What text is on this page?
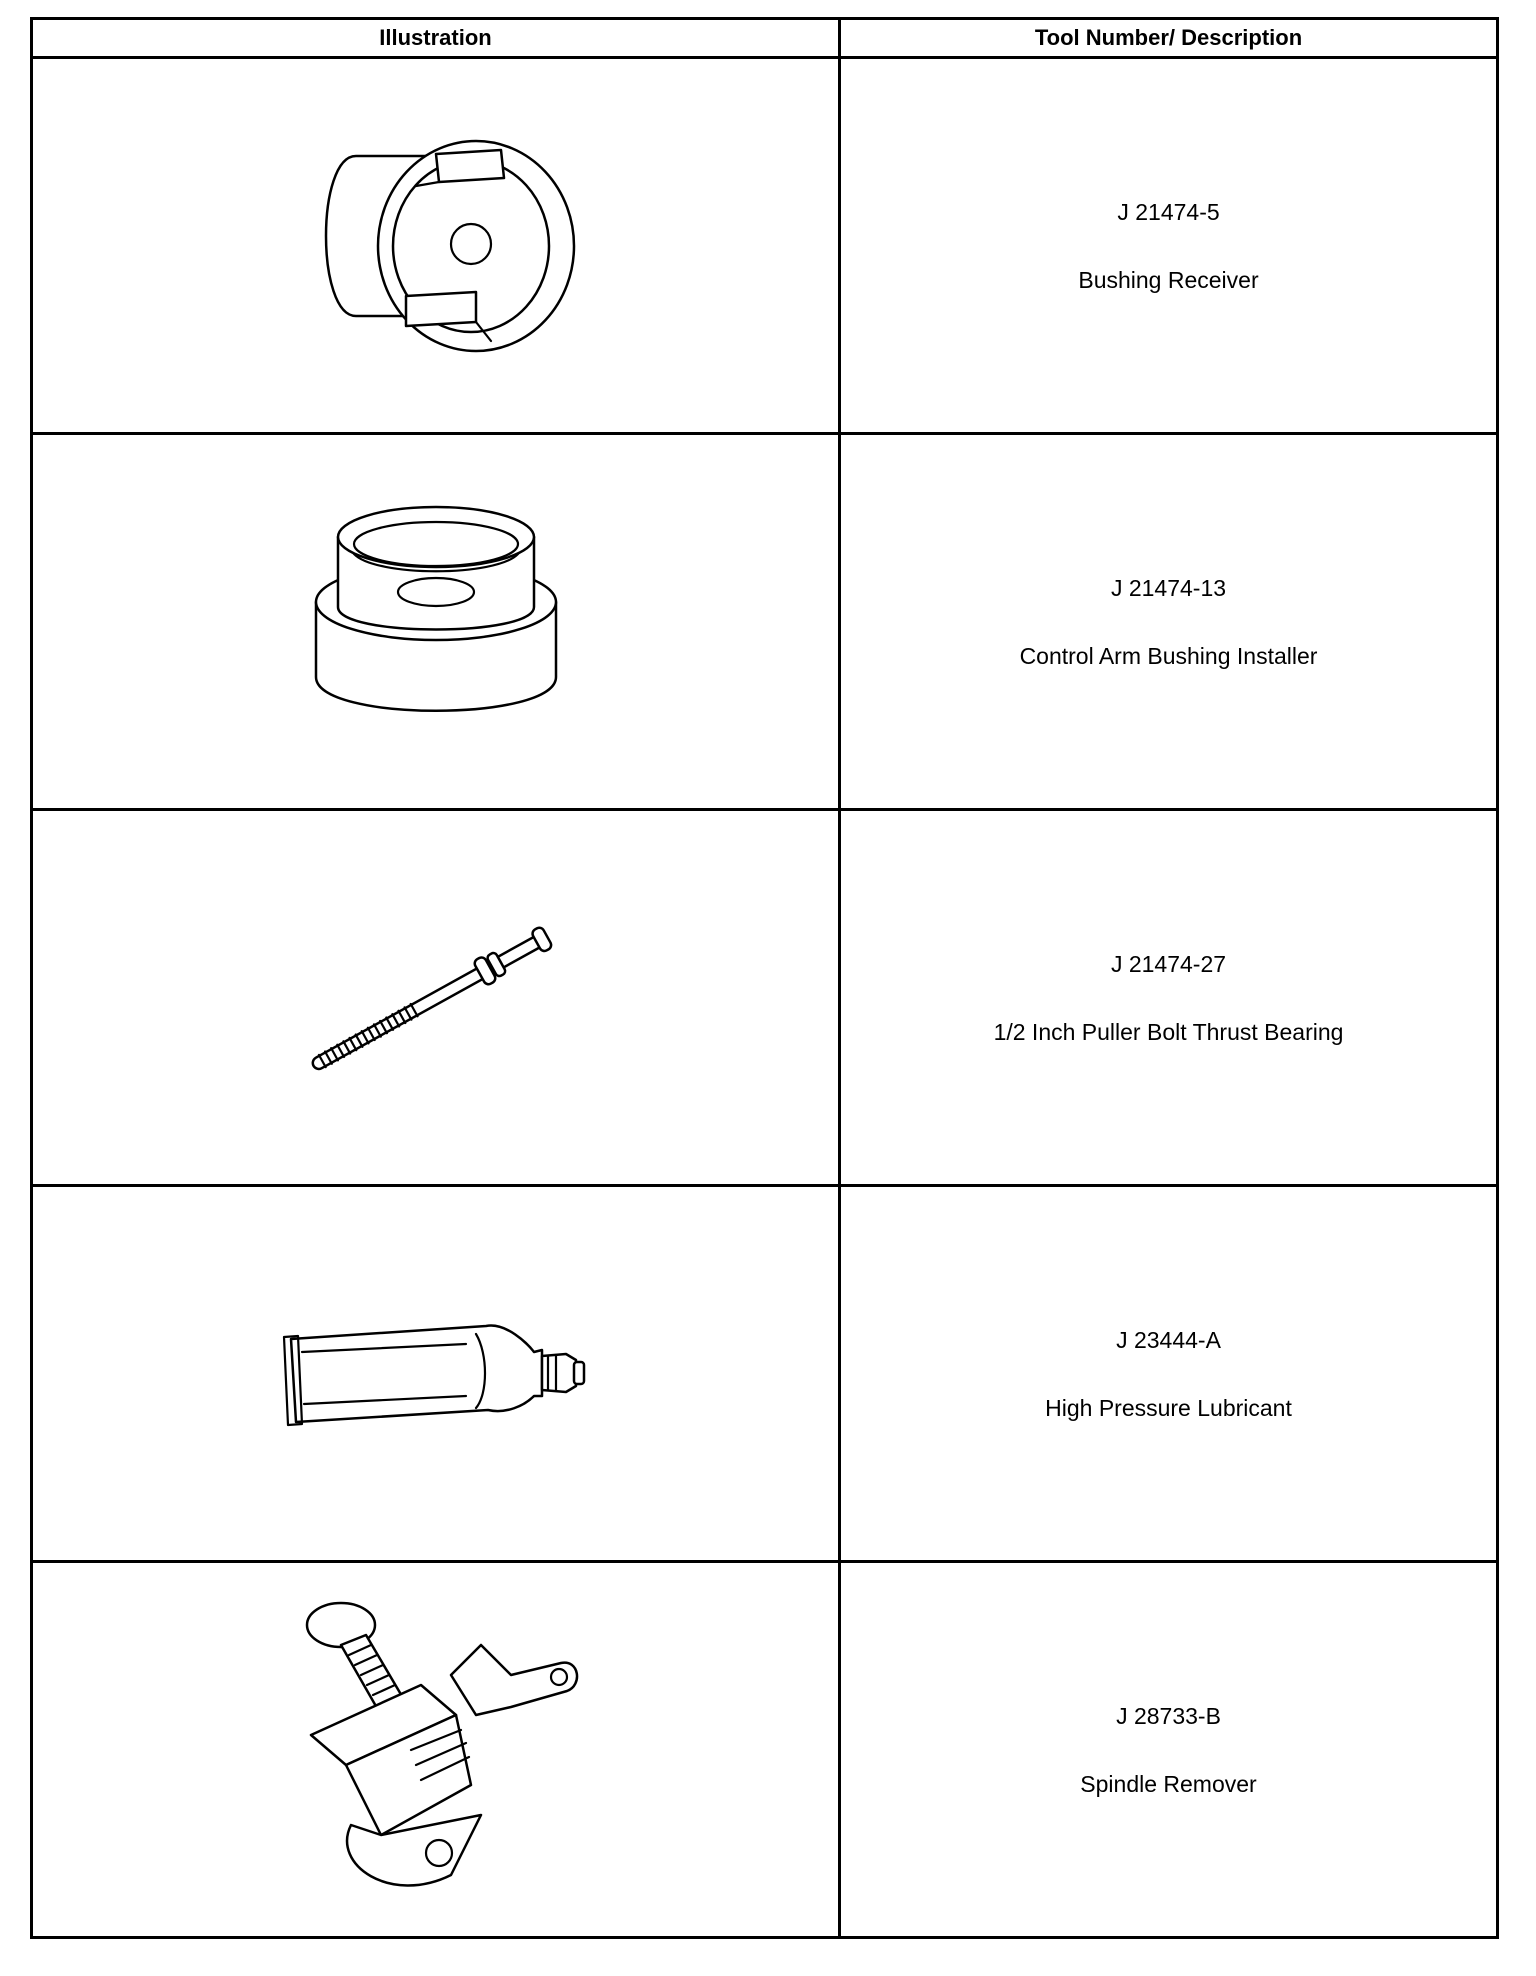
Illustration	Tool Number/ Description

J 21474-5
Bushing Receiver

J 21474-13
Control Arm Bushing Installer

J 21474-27
1/2 Inch Puller Bolt Thrust Bearing

J 23444-A
High Pressure Lubricant

J 28733-B
Spindle Remover
